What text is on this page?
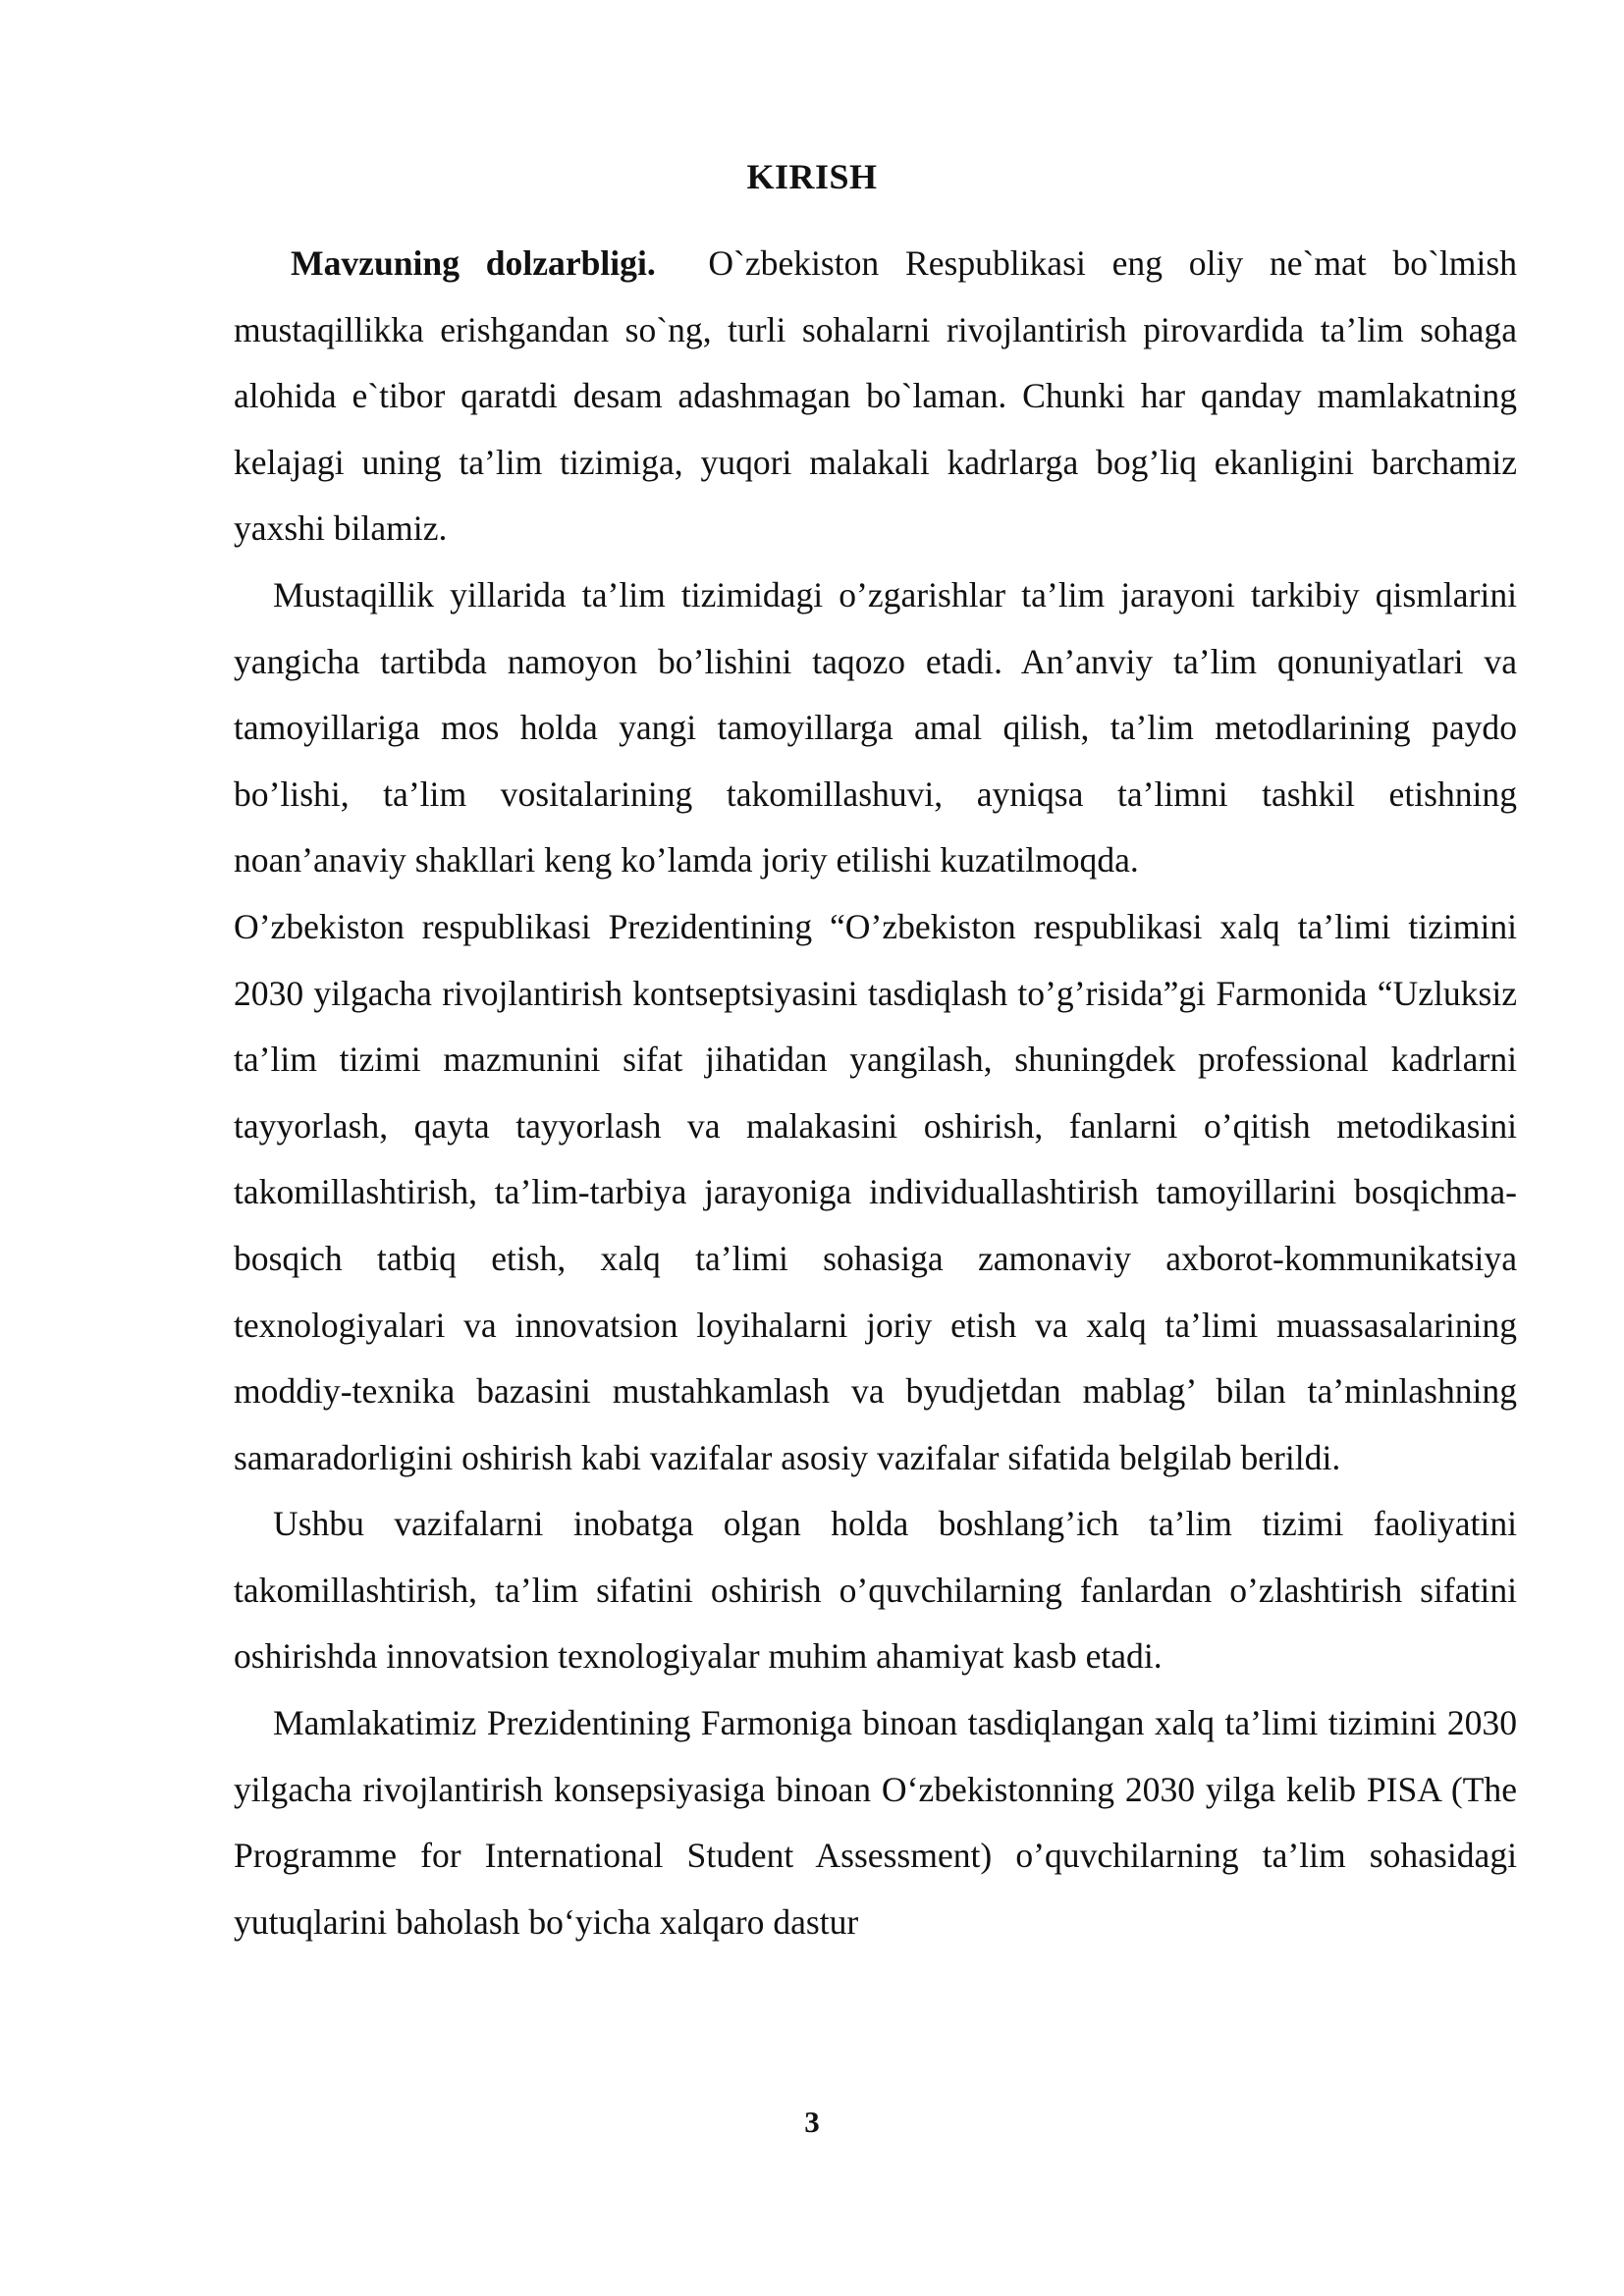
KIRISH

Mavzuning dolzarbligi. O`zbekiston Respublikasi eng oliy ne`mat bo`lmish mustaqillikka erishgandan so`ng, turli sohalarni rivojlantirish pirovardida ta’lim sohaga alohida e`tibor qaratdi desam adashmagan bo`laman. Chunki har qanday mamlakatning kelajagi uning ta’lim tizimiga, yuqori malakali kadrlarga bog’liq ekanligini barchamiz yaxshi bilamiz.

Mustaqillik yillarida ta’lim tizimidagi o’zgarishlar ta’lim jarayoni tarkibiy qismlarini yangicha tartibda namoyon bo’lishini taqozo etadi. An’anviy ta’lim qonuniyatlari va tamoyillariga mos holda yangi tamoyillarga amal qilish, ta’lim metodlarining paydo bo’lishi, ta’lim vositalarining takomillashuvi, ayniqsa ta’limni tashkil etishning noan’anaviy shakllari keng ko’lamda joriy etilishi kuzatilmoqda.

O’zbekiston respublikasi Prezidentining “O’zbekiston respublikasi xalq ta’limi tizimini 2030 yilgacha rivojlantirish kontseptsiyasini tasdiqlash to’g’risida”gi Farmonida “Uzluksiz ta’lim tizimi mazmunini sifat jihatidan yangilash, shuningdek professional kadrlarni tayyorlash, qayta tayyorlash va malakasini oshirish, fanlarni o’qitish metodikasini takomillashtirish, ta’lim-tarbiya jarayoniga individuallashtirish tamoyillarini bosqichma-bosqich tatbiq etish, xalq ta’limi sohasiga zamonaviy axborot-kommunikatsiya texnologiyalari va innovatsion loyihalarni joriy etish va xalq ta’limi muassasalarining moddiy-texnika bazasini mustahkamlash va byudjetdan mablag’ bilan ta’minlashning samaradorligini oshirish kabi vazifalar asosiy vazifalar sifatida belgilab berildi.

Ushbu vazifalarni inobatga olgan holda boshlang’ich ta’lim tizimi faoliyatini takomillashtirish, ta’lim sifatini oshirish o’quvchilarning fanlardan o’zlashtirish sifatini oshirishda innovatsion texnologiyalar muhim ahamiyat kasb etadi.

Mamlakatimiz Prezidentining Farmoniga binoan tasdiqlangan xalq ta’limi tizimini 2030 yilgacha rivojlantirish konsepsiyasiga binoan O‘zbekistonning 2030 yilga kelib PISA (The Programme for International Student Assessment) o’quvchilarning ta’lim sohasidagi yutuqlarini baholash bo‘yicha xalqaro dastur

3
